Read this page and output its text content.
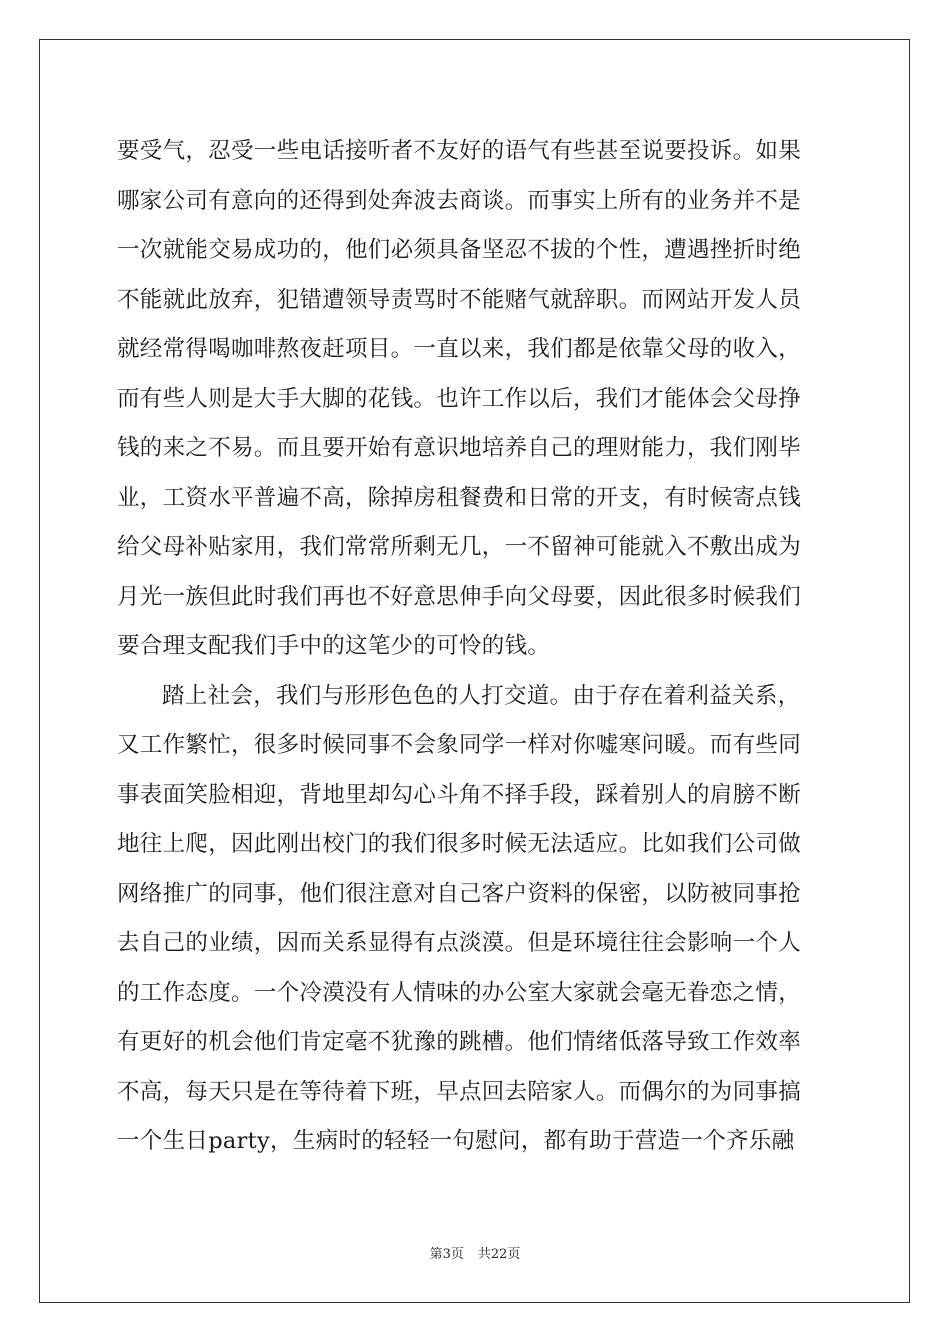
要受气，忍受一些电话接听者不友好的语气有些甚至说要投诉。如果
哪家公司有意向的还得到处奔波去商谈。而事实上所有的业务并不是
一次就能交易成功的，他们必须具备坚忍不拔的个性，遭遇挫折时绝
不能就此放弃，犯错遭领导责骂时不能赌气就辞职。而网站开发人员
就经常得喝咖啡熬夜赶项目。一直以来，我们都是依靠父母的收入，
而有些人则是大手大脚的花钱。也许工作以后，我们才能体会父母挣
钱的来之不易。而且要开始有意识地培养自己的理财能力，我们刚毕
业，工资水平普遍不高，除掉房租餐费和日常的开支，有时候寄点钱
给父母补贴家用，我们常常所剩无几，一不留神可能就入不敷出成为
月光一族但此时我们再也不好意思伸手向父母要，因此很多时候我们
要合理支配我们手中的这笔少的可怜的钱。
踏上社会，我们与形形色色的人打交道。由于存在着利益关系，
又工作繁忙，很多时候同事不会象同学一样对你嘘寒问暖。而有些同
事表面笑脸相迎，背地里却勾心斗角不择手段，踩着别人的肩膀不断
地往上爬，因此刚出校门的我们很多时候无法适应。比如我们公司做
网络推广的同事，他们很注意对自己客户资料的保密，以防被同事抢
去自己的业绩，因而关系显得有点淡漠。但是环境往往会影响一个人
的工作态度。一个冷漠没有人情味的办公室大家就会毫无眷恋之情，
有更好的机会他们肯定毫不犹豫的跳槽。他们情绪低落导致工作效率
不高，每天只是在等待着下班，早点回去陪家人。而偶尔的为同事搞
一个生日party，生病时的轻轻一句慰问，都有助于营造一个齐乐融
第3页 共22页
